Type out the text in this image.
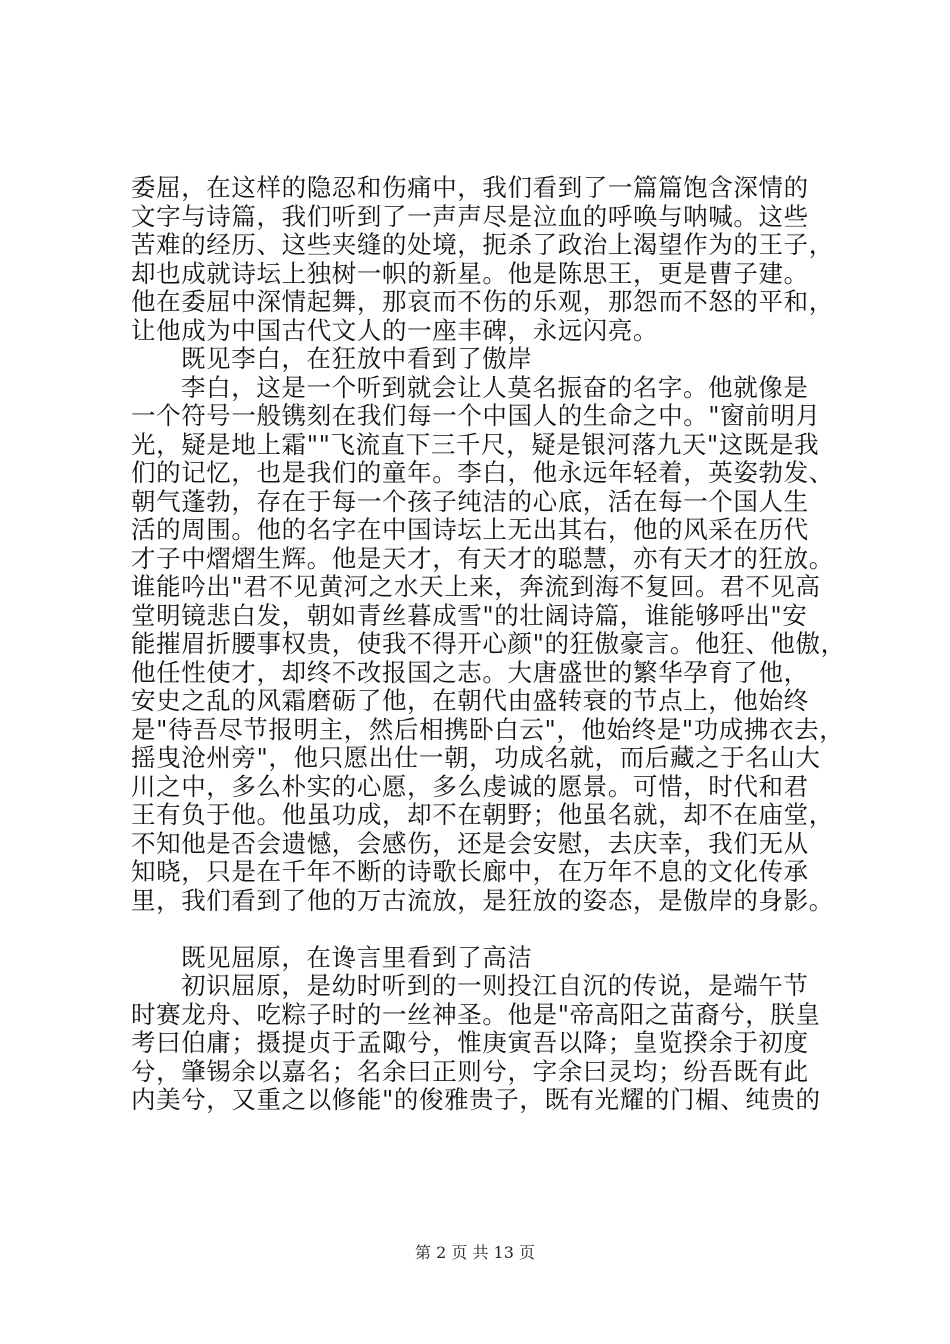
委屈，在这样的隐忍和伤痛中，我们看到了一篇篇饱含深情的
文字与诗篇，我们听到了一声声尽是泣血的呼唤与呐喊。这些
苦难的经历、这些夹缝的处境，扼杀了政治上渴望作为的王子，
却也成就诗坛上独树一帜的新星。他是陈思王，更是曹子建。
他在委屈中深情起舞，那哀而不伤的乐观，那怨而不怒的平和，
让他成为中国古代文人的一座丰碑，永远闪亮。
既见李白，在狂放中看到了傲岸
李白，这是一个听到就会让人莫名振奋的名字。他就像是
一个符号一般镌刻在我们每一个中国人的生命之中。"窗前明月
光，疑是地上霜""飞流直下三千尺，疑是银河落九天"这既是我
们的记忆，也是我们的童年。李白，他永远年轻着，英姿勃发、
朝气蓬勃，存在于每一个孩子纯洁的心底，活在每一个国人生
活的周围。他的名字在中国诗坛上无出其右，他的风采在历代
才子中熠熠生辉。他是天才，有天才的聪慧，亦有天才的狂放。
谁能吟出"君不见黄河之水天上来，奔流到海不复回。君不见高
堂明镜悲白发，朝如青丝暮成雪"的壮阔诗篇，谁能够呼出"安
能摧眉折腰事权贵，使我不得开心颜"的狂傲豪言。他狂、他傲，
他任性使才，却终不改报国之志。大唐盛世的繁华孕育了他，
安史之乱的风霜磨砺了他，在朝代由盛转衰的节点上，他始终
是"待吾尽节报明主，然后相携卧白云"，他始终是"功成拂衣去，
摇曳沧州旁"，他只愿出仕一朝，功成名就，而后藏之于名山大
川之中，多么朴实的心愿，多么虔诚的愿景。可惜，时代和君
王有负于他。他虽功成，却不在朝野；他虽名就，却不在庙堂，
不知他是否会遗憾，会感伤，还是会安慰，去庆幸，我们无从
知晓，只是在千年不断的诗歌长廊中，在万年不息的文化传承
里，我们看到了他的万古流放，是狂放的姿态，是傲岸的身影。
既见屈原，在谗言里看到了高洁
初识屈原，是幼时听到的一则投江自沉的传说，是端午节
时赛龙舟、吃粽子时的一丝神圣。他是"帝高阳之苗裔兮，朕皇
考曰伯庸；摄提贞于孟陬兮，惟庚寅吾以降；皇览揆余于初度
兮，肇锡余以嘉名；名余曰正则兮，字余曰灵均；纷吾既有此
内美兮，又重之以修能"的俊雅贵子，既有光耀的门楣、纯贵的
第 2 页 共 13 页
